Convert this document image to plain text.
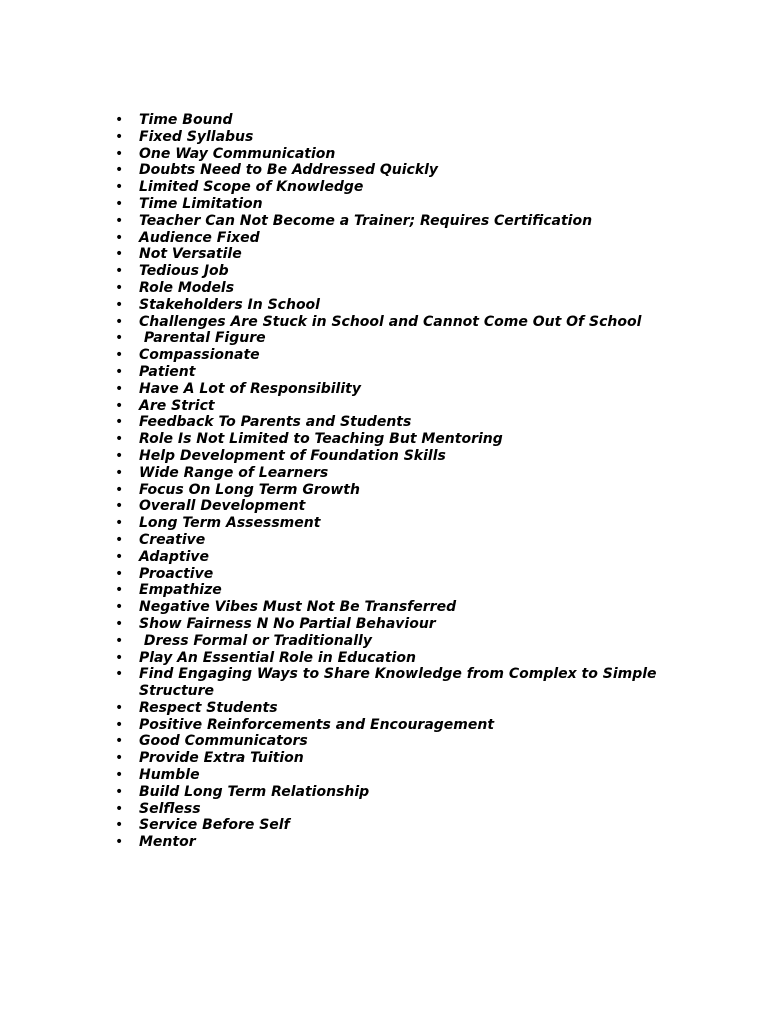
•	Time Bound
•	Fixed Syllabus
•	One Way Communication
•	Doubts Need to Be Addressed Quickly
•	Limited Scope of Knowledge
•	Time Limitation
•	Teacher Can Not Become a Trainer; Requires Certification
•	Audience Fixed
•	Not Versatile
•	Tedious Job
•	Role Models
•	Stakeholders In School
•	Challenges Are Stuck in School and Cannot Come Out Of School
•	Parental Figure
•	Compassionate
•	Patient
•	Have A Lot of Responsibility
•	Are Strict
•	Feedback To Parents and Students
•	Role Is Not Limited to Teaching But Mentoring
•	Help Development of Foundation Skills
•	Wide Range of Learners
•	Focus On Long Term Growth
•	Overall Development
•	Long Term Assessment
•	Creative
•	Adaptive
•	Proactive
•	Empathize
•	Negative Vibes Must Not Be Transferred
•	Show Fairness N No Partial Behaviour
•	Dress Formal or Traditionally
•	Play An Essential Role in Education
•	Find Engaging Ways to Share Knowledge from Complex to Simple Structure
•	Respect Students
•	Positive Reinforcements and Encouragement
•	Good Communicators
•	Provide Extra Tuition
•	Humble
•	Build Long Term Relationship
•	Selfless
•	Service Before Self
•	Mentor
